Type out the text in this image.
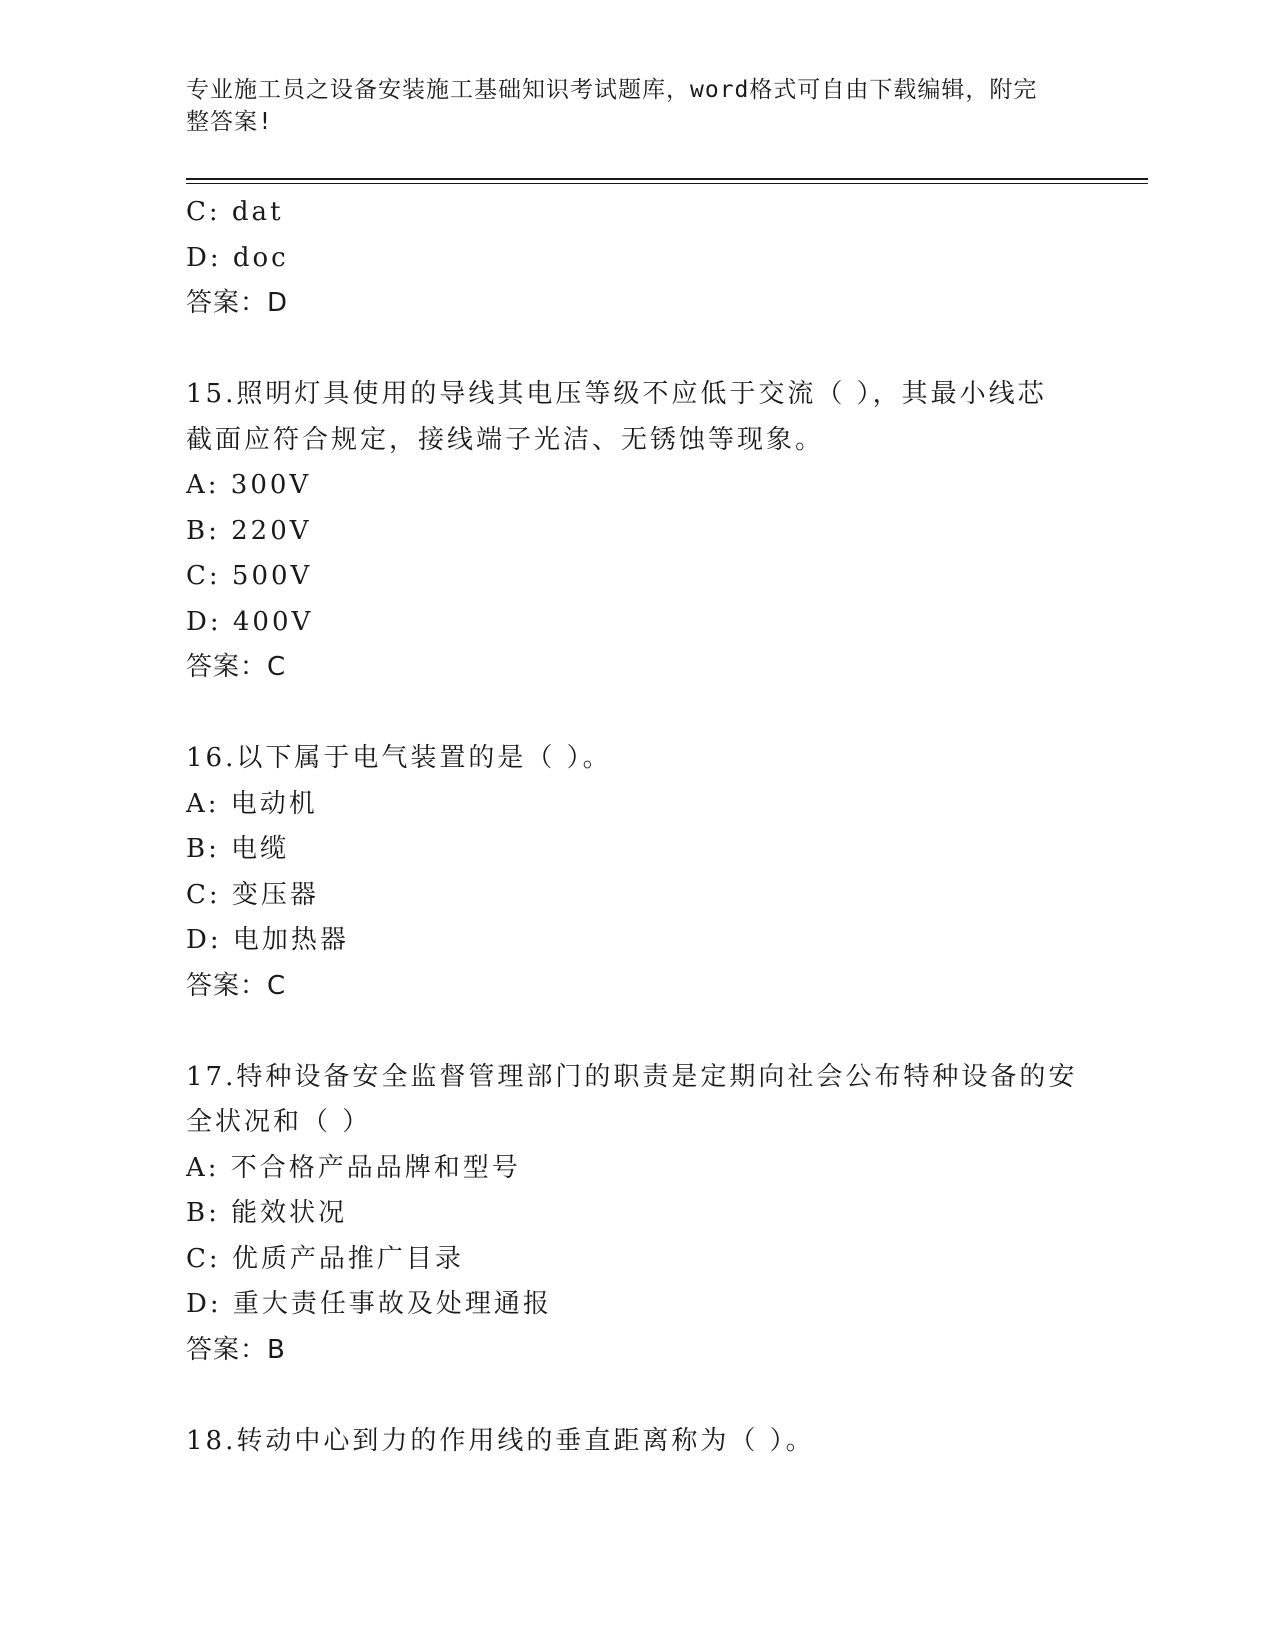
专业施工员之设备安装施工基础知识考试题库，word格式可自由下载编辑，附完
整答案!
C: dat
D: doc
答案：D
15.照明灯具使用的导线其电压等级不应低于交流（ ），其最小线芯
截面应符合规定，接线端子光洁、无锈蚀等现象。
A: 300V
B: 220V
C: 500V
D: 400V
答案：C
16.以下属于电气装置的是（ ）。
A: 电动机
B: 电缆
C: 变压器
D: 电加热器
答案：C
17.特种设备安全监督管理部门的职责是定期向社会公布特种设备的安
全状况和（ ）
A: 不合格产品品牌和型号
B: 能效状况
C: 优质产品推广目录
D: 重大责任事故及处理通报
答案：B
18.转动中心到力的作用线的垂直距离称为（ ）。
